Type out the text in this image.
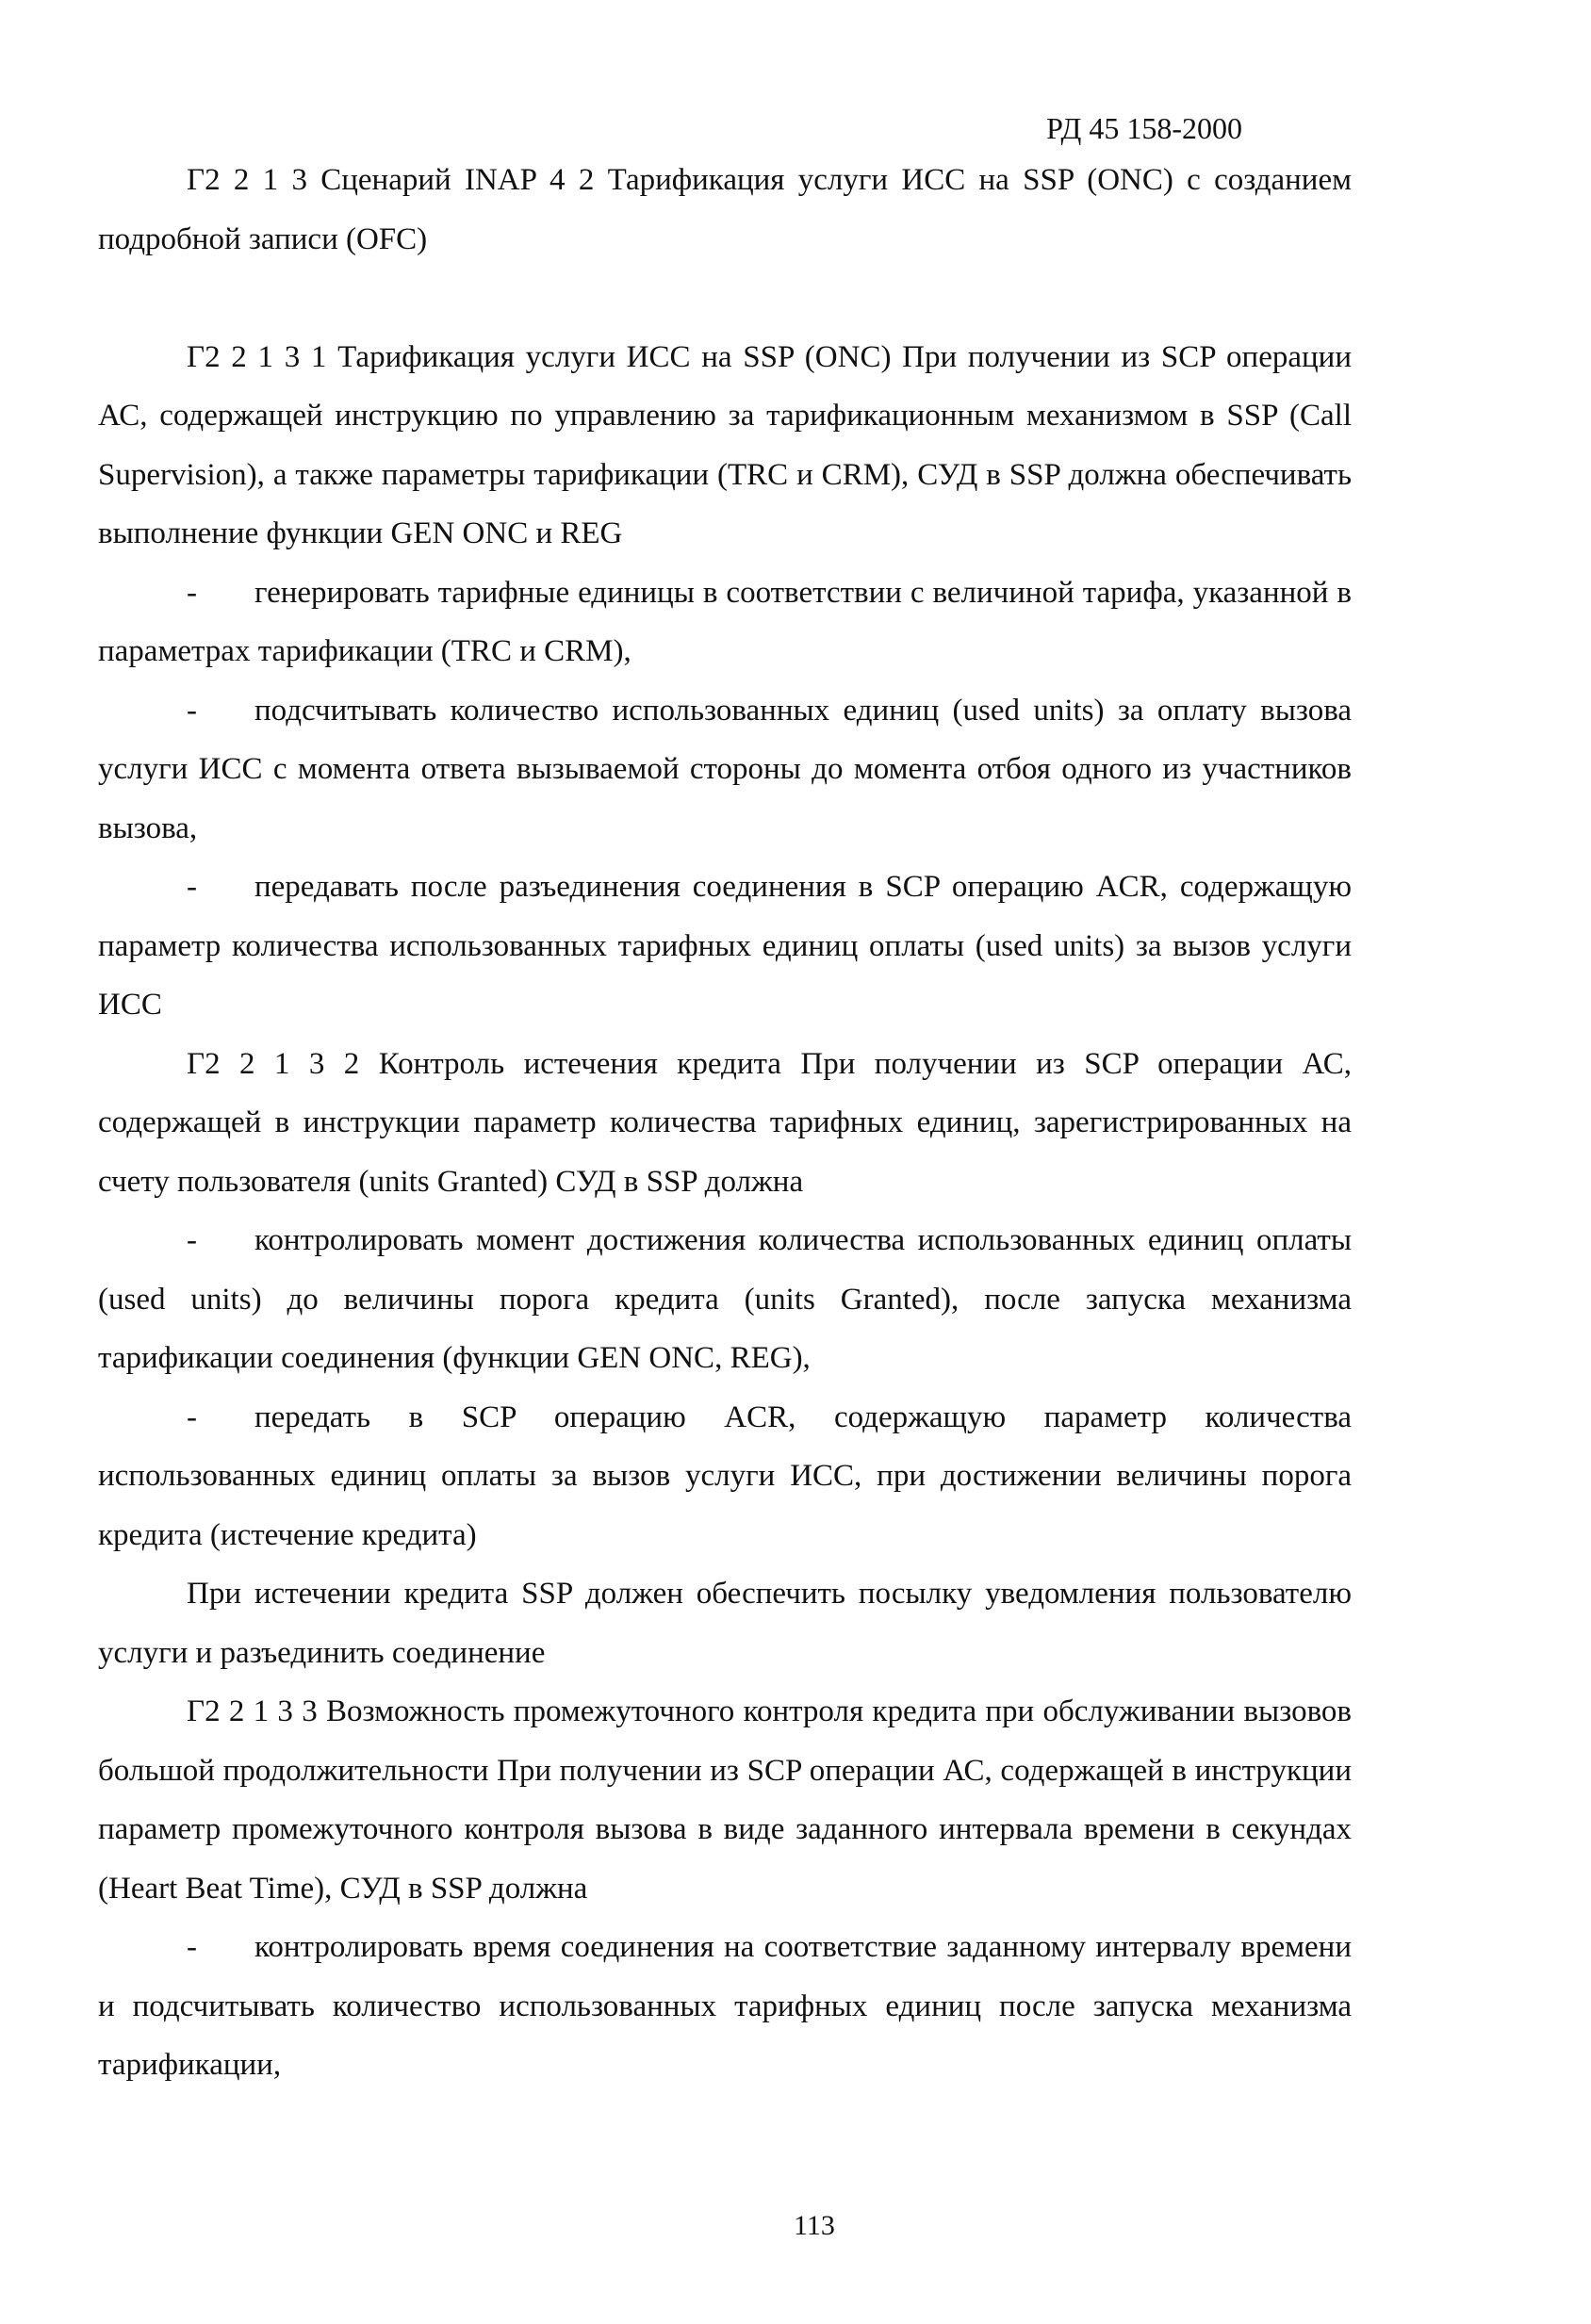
РД 45 158-2000

Г2 2 1 3 Сценарий INAP 4 2 Тарификация услуги ИСС на SSP (ONC) с созданием подробной записи (OFC)

Г2 2 1 3 1 Тарификация услуги ИСС на SSP (ONC) При получении из SCP операции АС, содержащей инструкцию по управлению за тарификационным механизмом в SSP (Call Supervision), а также параметры тарификации (TRC и CRM), СУД в SSP должна обеспечивать выполнение функции GEN ONC и REG

- генерировать тарифные единицы в соответствии с величиной тарифа, указанной в параметрах тарификации (TRC и CRM),

- подсчитывать количество использованных единиц (used units) за оплату вызова услуги ИСС с момента ответа вызываемой стороны до момента отбоя одного из участников вызова,

- передавать после разъединения соединения в SCP операцию ACR, содержащую параметр количества использованных тарифных единиц оплаты (used units) за вызов услуги ИСС

Г2 2 1 3 2 Контроль истечения кредита При получении из SCP операции АС, содержащей в инструкции параметр количества тарифных единиц, зарегистрированных на счету пользователя (units Granted) СУД в SSP должна

- контролировать момент достижения количества использованных единиц оплаты (used units) до величины порога кредита (units Granted), после запуска механизма тарификации соединения (функции GEN ONC, REG),

- передать в SCP операцию ACR, содержащую параметр количества использованных единиц оплаты за вызов услуги ИСС, при достижении величины порога кредита (истечение кредита)

При истечении кредита SSP должен обеспечить посылку уведомления пользователю услуги и разъединить соединение

Г2 2 1 3 3 Возможность промежуточного контроля кредита при обслуживании вызовов большой продолжительности При получении из SCP операции АС, содержащей в инструкции параметр промежуточного контроля вызова в виде заданного интервала времени в секундах (Heart Beat Time), СУД в SSP должна

- контролировать время соединения на соответствие заданному интервалу времени и подсчитывать количество использованных тарифных единиц после запуска механизма тарификации,

113
